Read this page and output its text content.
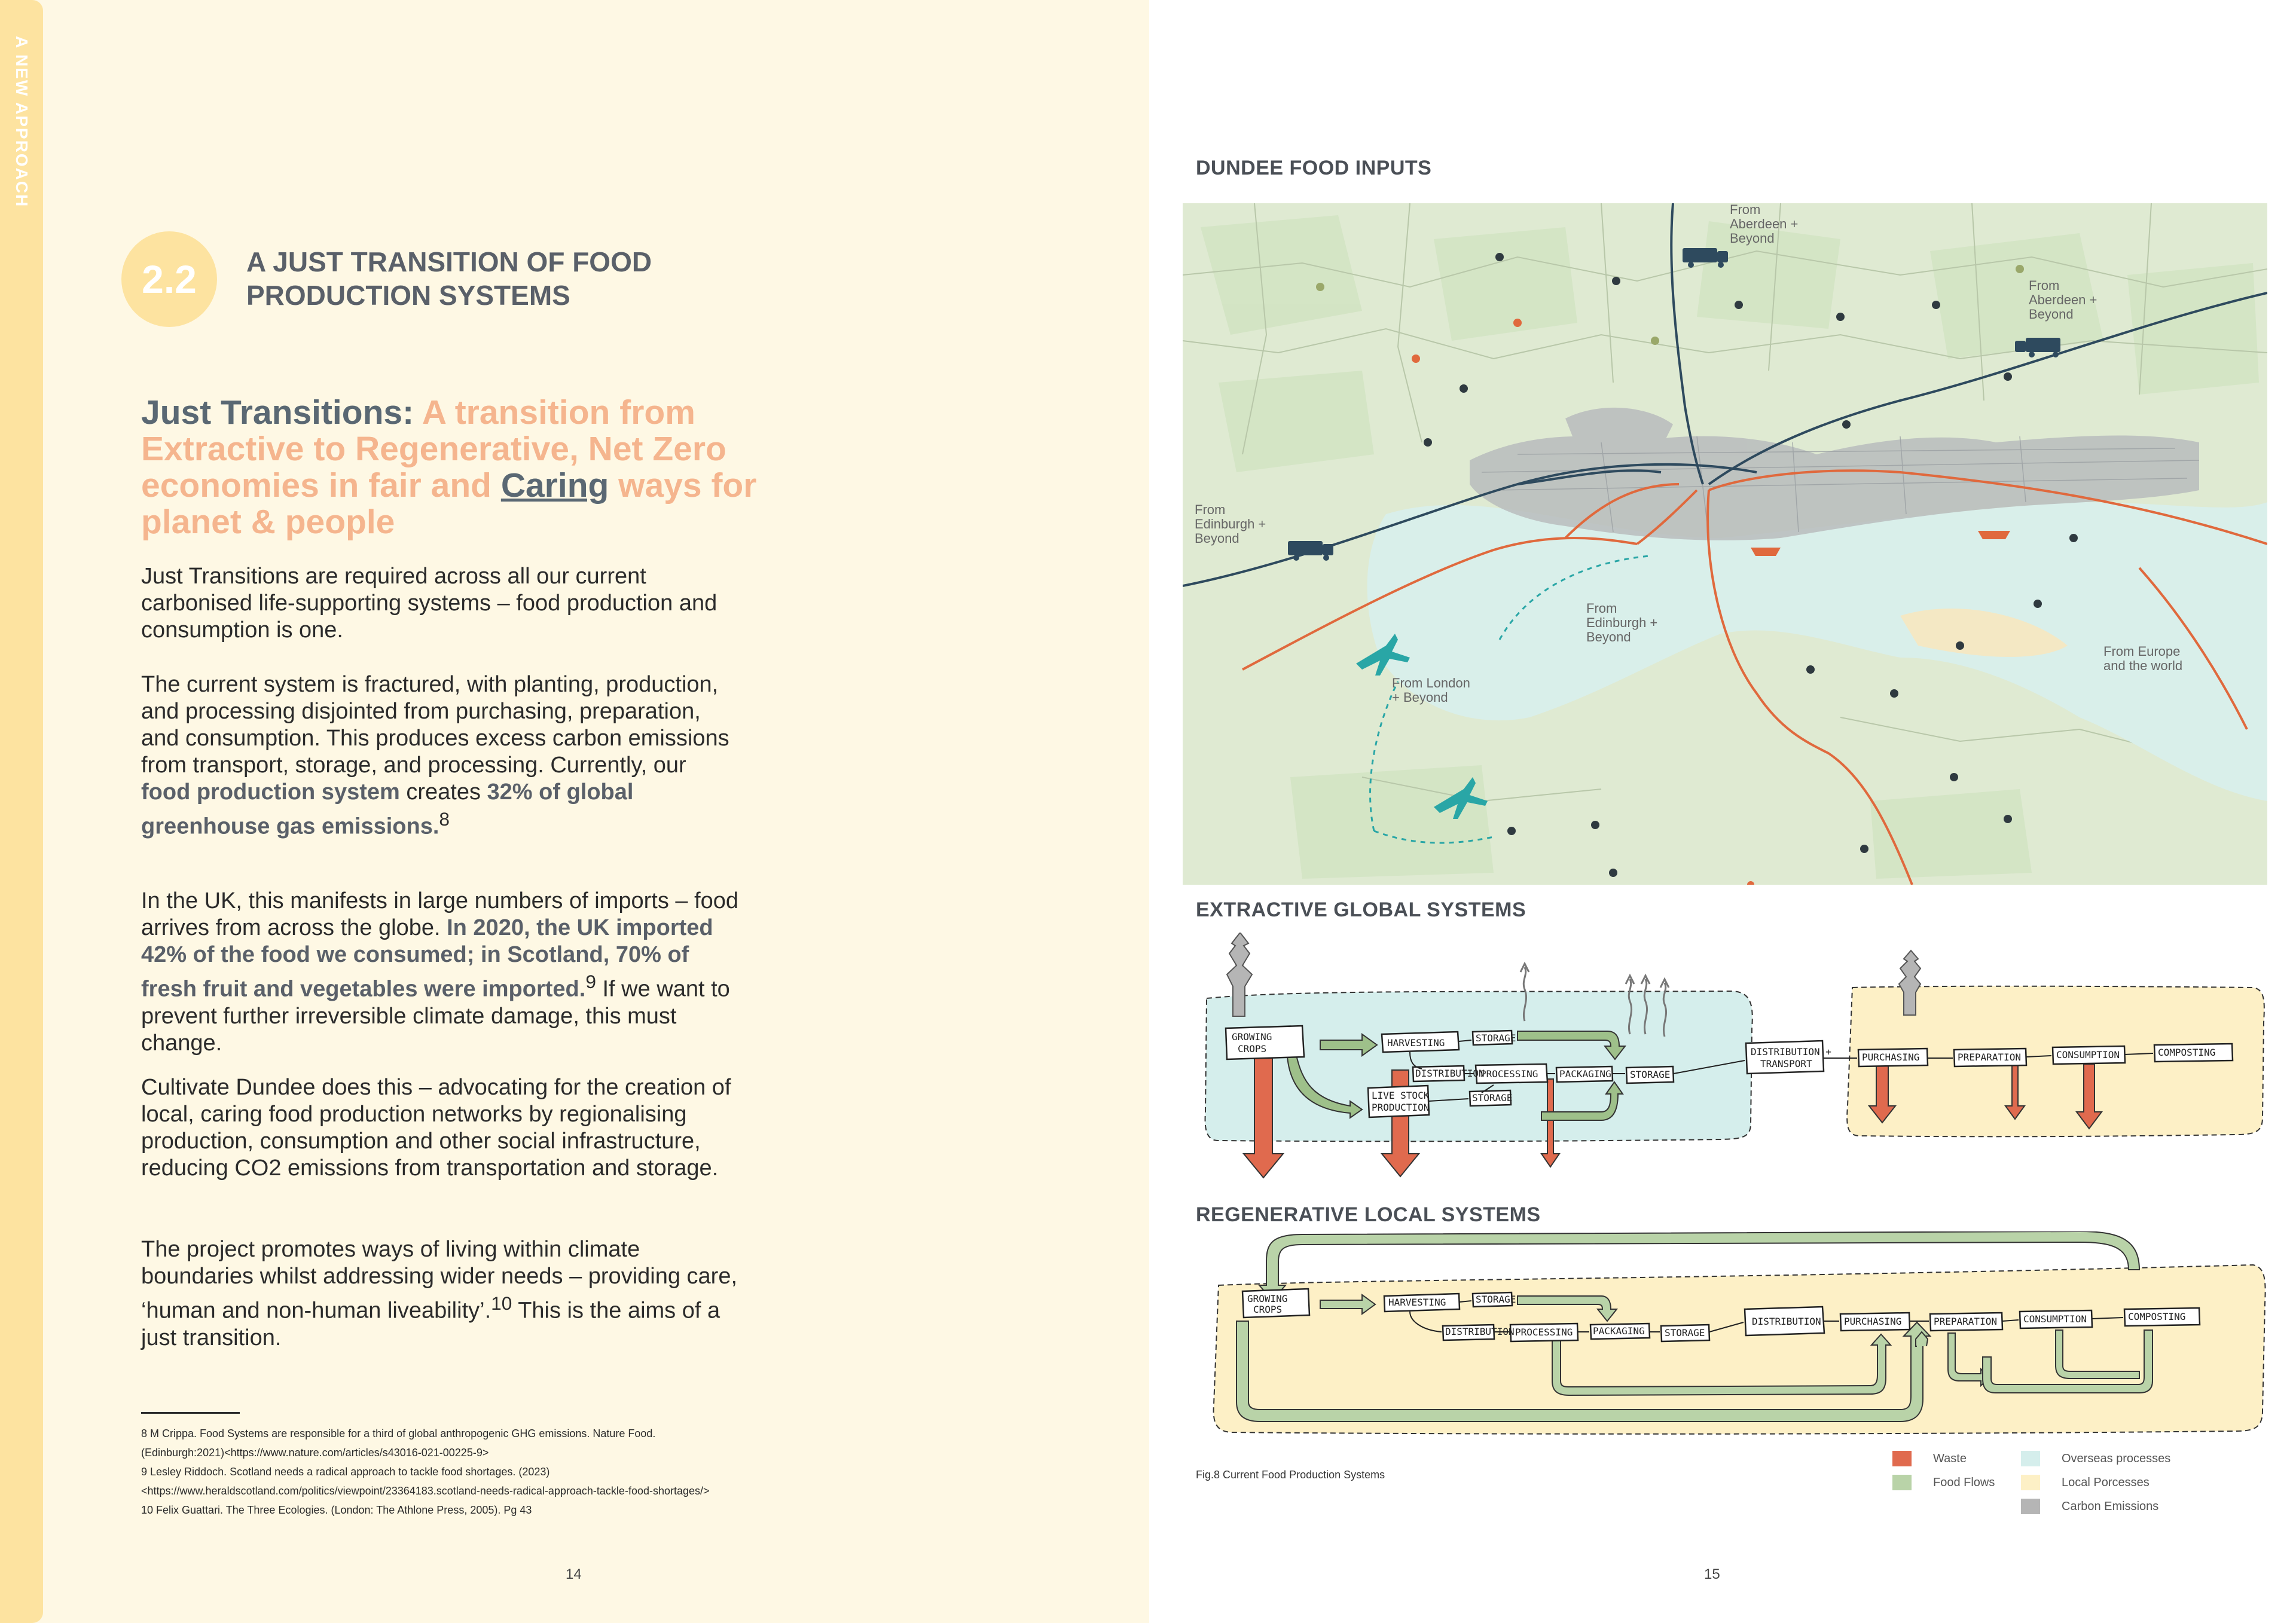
A NEW APPROACH
2.2 A JUST TRANSITION OF FOOD PRODUCTION SYSTEMS
Just Transitions: A transition from Extractive to Regenerative, Net Zero economies in fair and Caring ways for planet & people

Just Transitions are required across all our current carbonised life-supporting systems – food production and consumption is one.

The current system is fractured, with planting, production, and processing disjointed from purchasing, preparation, and consumption. This produces excess carbon emissions from transport, storage, and processing. Currently, our food production system creates 32% of global greenhouse gas emissions.$^8$

In the UK, this manifests in large numbers of imports – food arrives from across the globe. In 2020, the UK imported 42% of the food we consumed; in Scotland, 70% of fresh fruit and vegetables were imported.$^9$ If we want to prevent further irreversible climate damage, this must change.

Cultivate Dundee does this – advocating for the creation of local, caring food production networks by regionalising production, consumption and other social infrastructure, reducing CO2 emissions from transportation and storage.

The project promotes ways of living within climate boundaries whilst addressing wider needs – providing care, ‘human and non-human liveability’.$^{10}$ This is the aims of a just transition.

8 M Crippa. Food Systems are responsible for a third of global anthropogenic GHG emissions. Nature Food. (Edinburgh:2021)<https://www.nature.com/articles/s43016-021-00225-9>
9 Lesley Riddoch. Scotland needs a radical approach to tackle food shortages. (2023)<https://www.heraldscotland.com/politics/viewpoint/23364183.scotland-needs-radical-approach-tackle-food-shortages/>
10 Felix Guattari. The Three Ecologies. (London: The Athlone Press, 2005). Pg 43
14
DUNDEE FOOD INPUTS
From Aberdeen + Beyond
From Aberdeen + Beyond
From Edinburgh + Beyond
From Edinburgh + Beyond
From London + Beyond
From Europe and the world
EXTRACTIVE GLOBAL SYSTEMS
GROWING
CROPS
HARVESTING	STORAGE
DISTRIBUTION
PROCESSING PACKAGING STORAGE
LIVE STOCK
PRODUCTION
STORAGE
DISTRIBUTION +
TRANSPORT
PURCHASING	PREPARATION	CONSUMPTION	COMPOSTING
REGENERATIVE LOCAL SYSTEMS
GROWING
CROPS
HARVESTING	STORAGE
DISTRIBUTION PROCESSING PACKAGING STORAGE
DISTRIBUTION PURCHASING	PREPARATION	CONSUMPTION	COMPOSTING
Fig.8 Current Food Production Systems
Waste
Food Flows
Overseas processes
Local Porcesses
Carbon Emissions
15
